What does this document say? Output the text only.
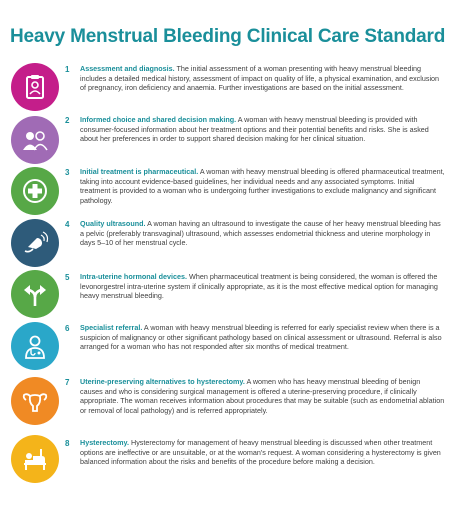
Heavy Menstrual Bleeding Clinical Care Standard
1 Assessment and diagnosis. The initial assessment of a woman presenting with heavy menstrual bleeding includes a detailed medical history, assessment of impact on quality of life, a physical examination, and exclusion of pregnancy, iron deficiency and anaemia. Further investigations are based on the initial assessment.
2 Informed choice and shared decision making. A woman with heavy menstrual bleeding is provided with consumer-focused information about her treatment options and their potential benefits and risks. She is asked about her preferences in order to support shared decision making for her clinical situation.
3 Initial treatment is pharmaceutical. A woman with heavy menstrual bleeding is offered pharmaceutical treatment, taking into account evidence-based guidelines, her individual needs and any associated symptoms. Initial treatment is provided to a woman who is undergoing further investigations to exclude malignancy and significant pathology.
4 Quality ultrasound. A woman having an ultrasound to investigate the cause of her heavy menstrual bleeding has a pelvic (preferably transvaginal) ultrasound, which assesses endometrial thickness and uterine morphology in days 5–10 of her menstrual cycle.
5 Intra-uterine hormonal devices. When pharmaceutical treatment is being considered, the woman is offered the levonorgestrel intra-uterine system if clinically appropriate, as it is the most effective medical option for managing heavy menstrual bleeding.
6 Specialist referral. A woman with heavy menstrual bleeding is referred for early specialist review when there is a suspicion of malignancy or other significant pathology based on clinical assessment or ultrasound. Referral is also arranged for a woman who has not responded after six months of medical treatment.
7 Uterine-preserving alternatives to hysterectomy. A women who has heavy menstrual bleeding of benign causes and who is considering surgical management is offered a uterine-preserving procedure, if clinically appropriate. The woman receives information about procedures that may be suitable (such as endometrial ablation or removal of local pathology) and is referred appropriately.
8 Hysterectomy. Hysterectomy for management of heavy menstrual bleeding is discussed when other treatment options are ineffective or are unsuitable, or at the woman's request. A woman considering a hysterectomy is given balanced information about the risks and benefits of the procedure before making a decision.
